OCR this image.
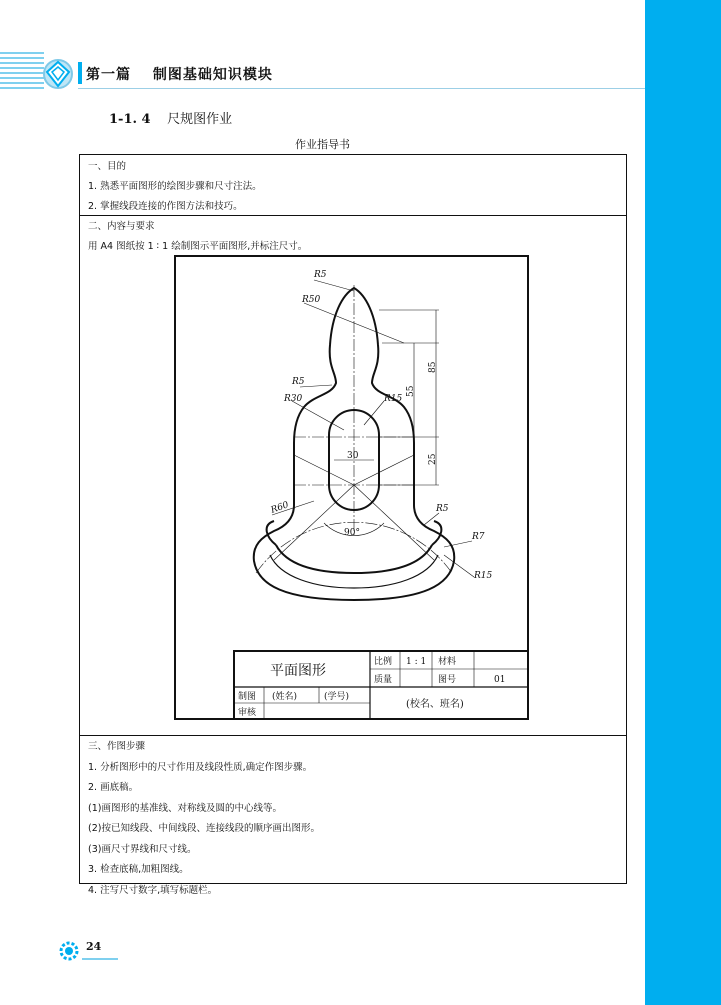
第一篇 制图基础知识模块
1-1. 4 尺规图作业
作业指导书
一、目的
1. 熟悉平面图形的绘图步骤和尺寸注法。
2. 掌握线段连接的作图方法和技巧。
二、内容与要求
用 A4 图纸按 1 ∶ 1 绘制图示平面图形,并标注尺寸。
R5
R50
R5
R30	R15
R60	R5
R7
R15
30
90°
85
55
25
平面图形
比例 1 : 1 材料
质量	图号	01
制图 (姓名)	(学号)
审核
(校名、班名)
三、作图步骤
1. 分析图形中的尺寸作用及线段性质,确定作图步骤。
2. 画底稿。
(1)画图形的基准线、对称线及圆的中心线等。
(2)按已知线段、中间线段、连接线段的顺序画出图形。
(3)画尺寸界线和尺寸线。
3. 检查底稿,加粗图线。
4. 注写尺寸数字,填写标题栏。
24
